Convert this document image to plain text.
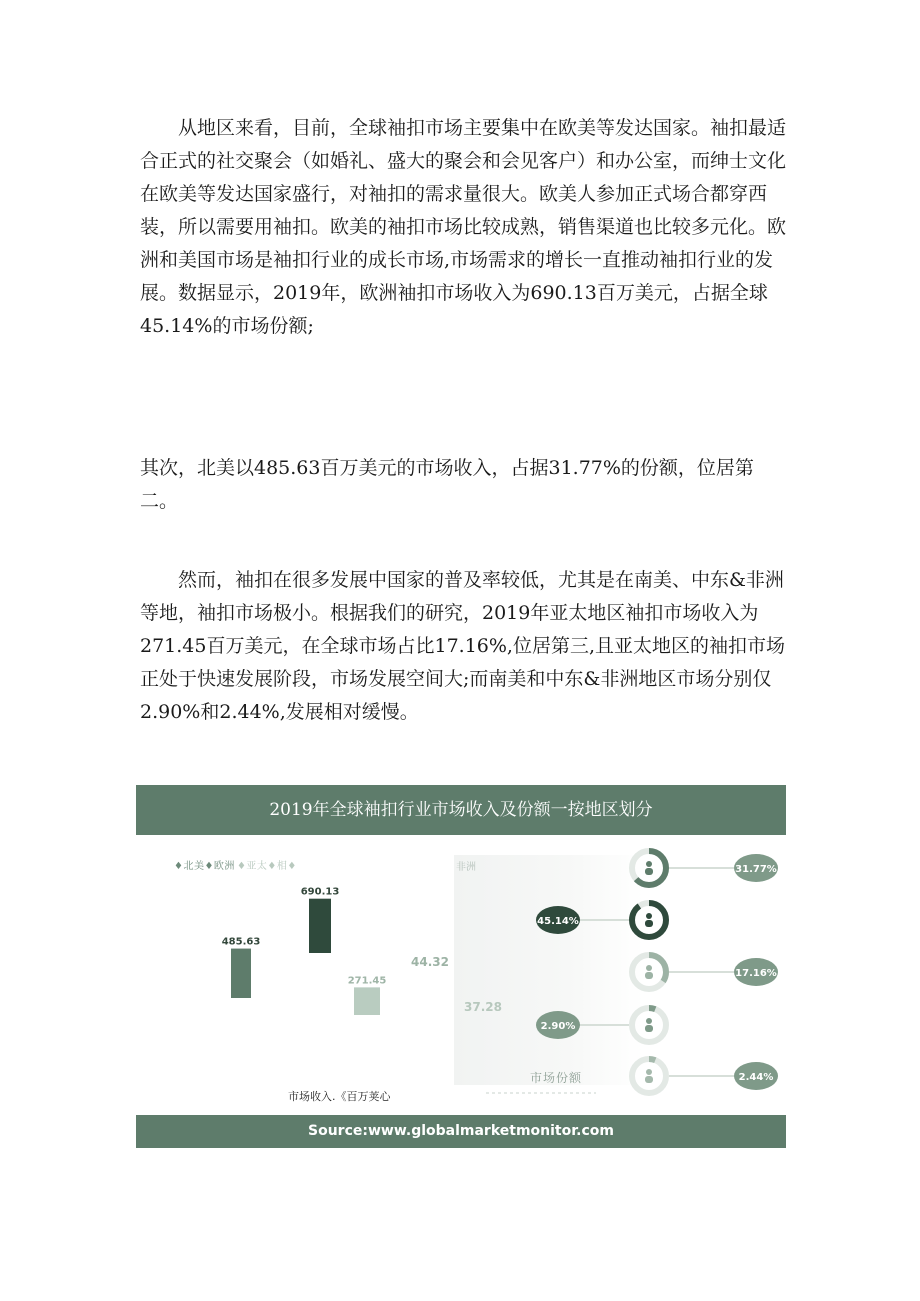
从地区来看，目前，全球袖扣市场主要集中在欧美等发达国家。袖扣最适合正式的社交聚会（如婚礼、盛大的聚会和会见客户）和办公室，而绅士文化在欧美等发达国家盛行，对袖扣的需求量很大。欧美人参加正式场合都穿西装，所以需要用袖扣。欧美的袖扣市场比较成熟，销售渠道也比较多元化。欧洲和美国市场是袖扣行业的成长市场,市场需求的增长一直推动袖扣行业的发展。数据显示，2019年，欧洲袖扣市场收入为690.13百万美元，占据全球45.14%的市场份额;

其次，北美以485.63百万美元的市场收入，占据31.77%的份额，位居第二。

然而，袖扣在很多发展中国家的普及率较低，尤其是在南美、中东&非洲等地，袖扣市场极小。根据我们的研究，2019年亚太地区袖扣市场收入为271.45百万美元，在全球市场占比17.16%,位居第三,且亚太地区的袖扣市场正处于快速发展阶段，市场发展空间大;而南美和中东&非洲地区市场分别仅2.90%和2.44%,发展相对缓慢。

2019年全球袖扣行业市场收入及份额一按地区划分
♦北美♦欧洲 ♦亚太♦相♦	非洲
44.32
37.28
485.63
690.13
271.45
31.77%
45.14%
17.16%
2.90%
2.44%
市场收入.《百万荚心
市场份额
Source:www.globalmarketmonitor.com
